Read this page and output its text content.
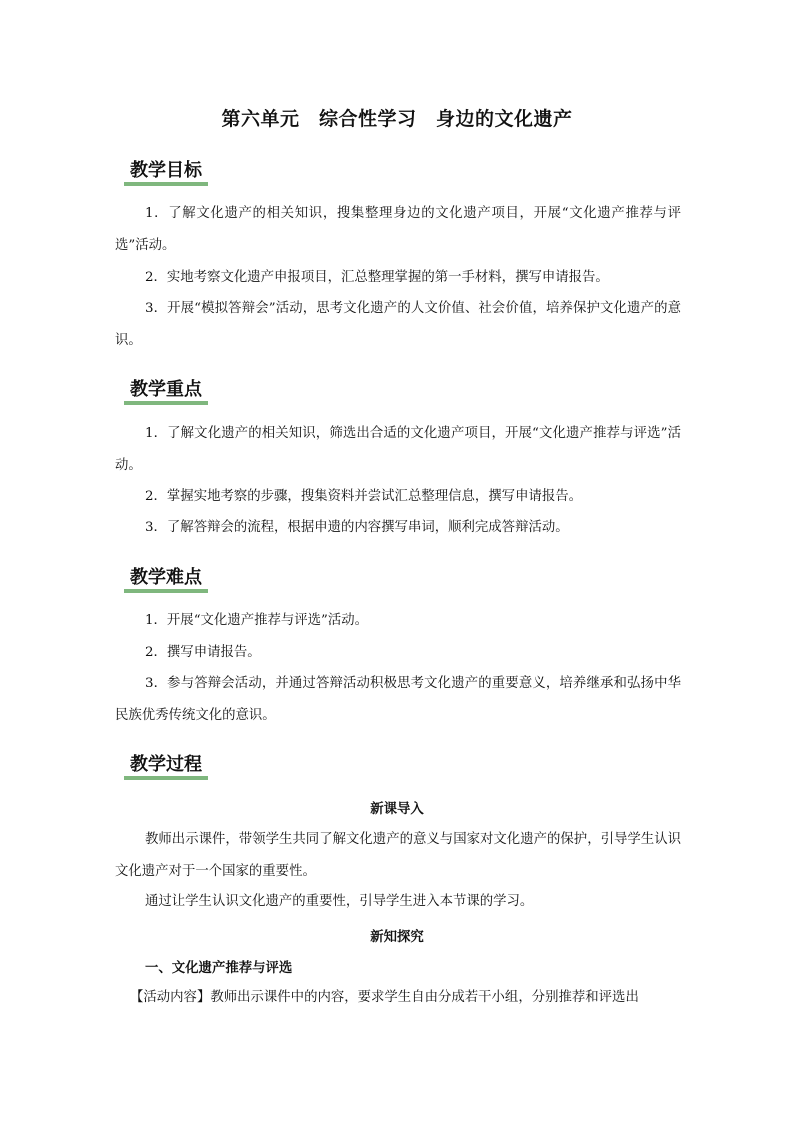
第六单元　综合性学习　身边的文化遗产
教学目标
1．了解文化遗产的相关知识，搜集整理身边的文化遗产项目，开展“文化遗产推荐与评选”活动。
2．实地考察文化遗产申报项目，汇总整理掌握的第一手材料，撰写申请报告。
3．开展“模拟答辩会”活动，思考文化遗产的人文价值、社会价值，培养保护文化遗产的意识。
教学重点
1．了解文化遗产的相关知识，筛选出合适的文化遗产项目，开展“文化遗产推荐与评选”活动。
2．掌握实地考察的步骤，搜集资料并尝试汇总整理信息，撰写申请报告。
3．了解答辩会的流程，根据申遗的内容撰写串词，顺利完成答辩活动。
教学难点
1．开展“文化遗产推荐与评选”活动。
2．撰写申请报告。
3．参与答辩会活动，并通过答辩活动积极思考文化遗产的重要意义，培养继承和弘扬中华民族优秀传统文化的意识。
教学过程
新课导入
教师出示课件，带领学生共同了解文化遗产的意义与国家对文化遗产的保护，引导学生认识文化遗产对于一个国家的重要性。
通过让学生认识文化遗产的重要性，引导学生进入本节课的学习。
新知探究
一、文化遗产推荐与评选
【活动内容】教师出示课件中的内容，要求学生自由分成若干小组，分别推荐和评选出
